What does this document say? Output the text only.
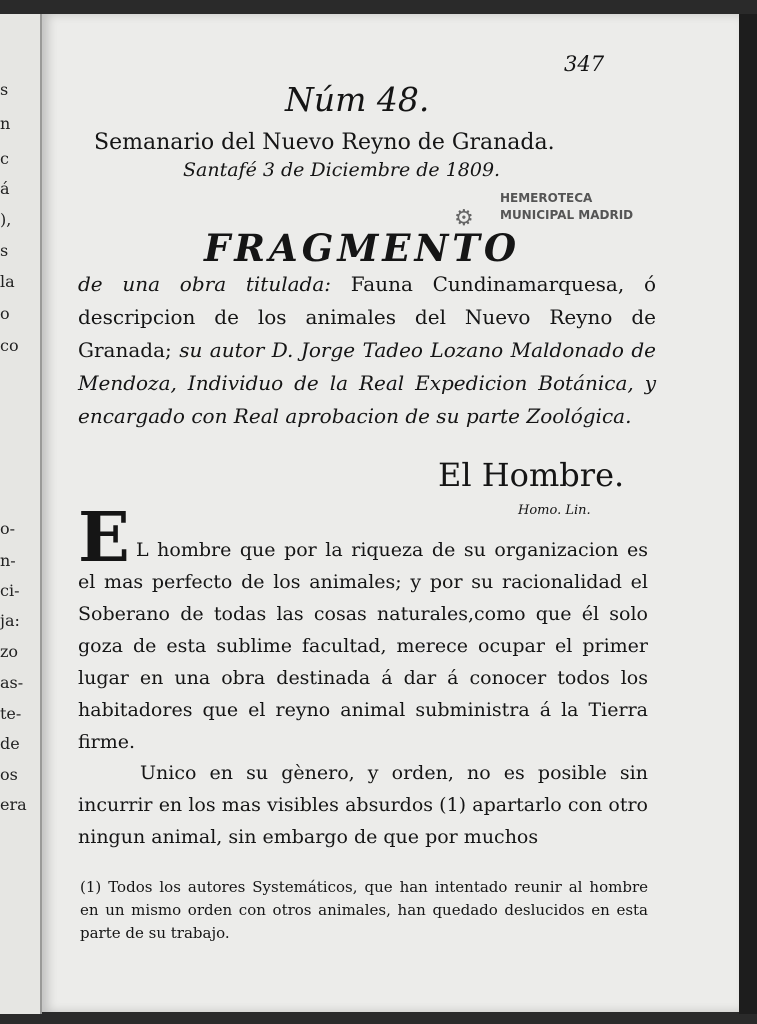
s
n
c
á
),
s
la
o
co
o-
n-
ci-
ja:
zo
as-
te-
de
os
era
347
Núm 48.
Semanario del Nuevo Reyno de Granada.
Santafé 3 de Diciembre de 1809.
⚙
HEMEROTECA MUNICIPAL MADRID
FRAGMENTO
de una obra titulada: Fauna Cundinamarquesa, ó descripcion de los animales del Nuevo Reyno de Granada; su autor D. Jorge Tadeo Lozano Maldonado de Mendoza, Individuo de la Real Expedicion Botánica, y encargado con Real aprobacion de su parte Zoológica.
El Hombre.
Homo. Lin.
E L hombre que por la riqueza de su organizacion es el mas perfecto de los animales; y por su racionalidad el Soberano de todas las cosas naturales,como que él solo goza de esta sublime facultad, merece ocupar el primer lugar en una obra destinada á dar á conocer todos los habitadores que el reyno animal subministra á la Tierra firme.
Unico en su gènero, y orden, no es posible sin incurrir en los mas visibles absurdos (1) apartarlo con otro ningun animal, sin embargo de que por muchos
(1) Todos los autores Systemáticos, que han intentado reunir al hombre en un mismo orden con otros animales, han quedado deslucidos en esta parte de su trabajo.
